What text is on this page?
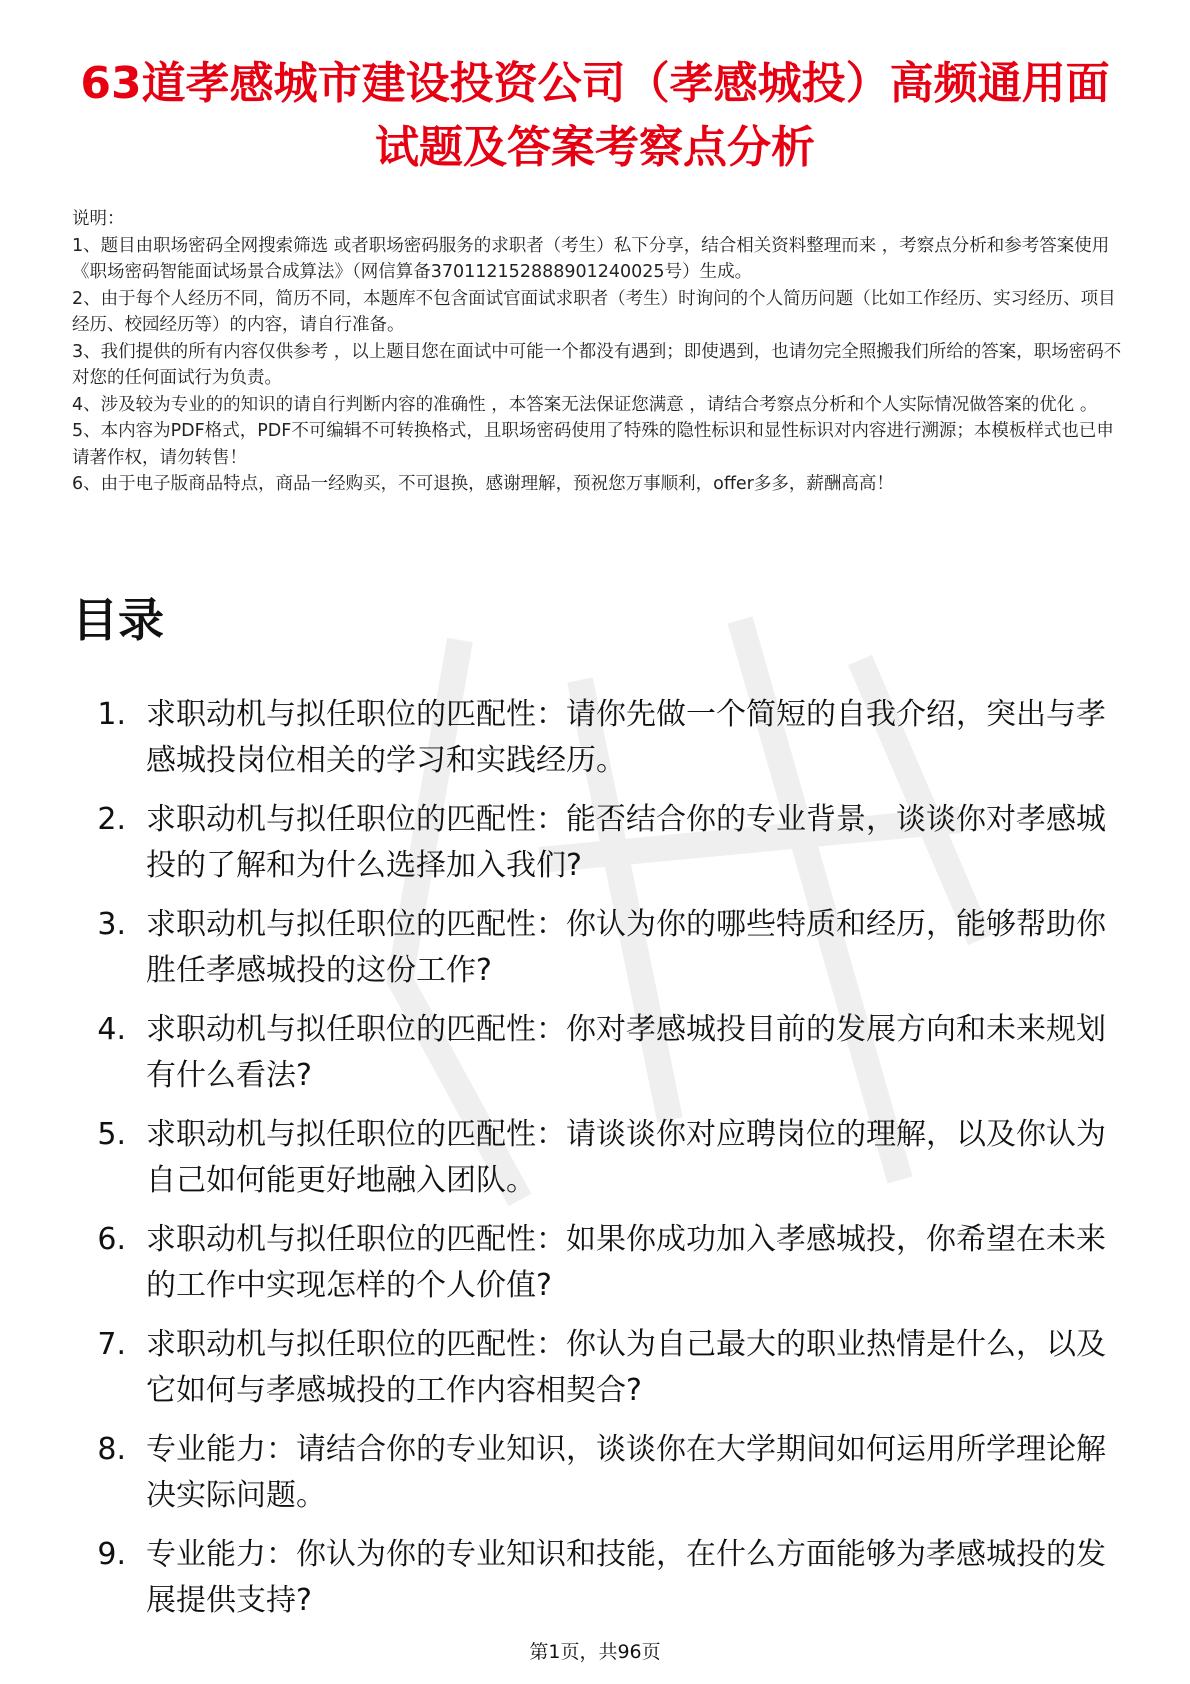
63道孝感城市建设投资公司（孝感城投）高频通用面试题及答案考察点分析

说明：

1、题目由职场密码全网搜索筛选 或者职场密码服务的求职者（考生）私下分享，结合相关资料整理而来 ，考察点分析和参考答案使用《职场密码智能面试场景合成算法》（网信算备370112152888901240025号）生成。

2、由于每个人经历不同，简历不同，本题库不包含面试官面试求职者（考生）时询问的个人简历问题（比如工作经历、实习经历、项目经历、校园经历等）的内容，请自行准备。

3、我们提供的所有内容仅供参考 ，以上题目您在面试中可能一个都没有遇到；即使遇到，也请勿完全照搬我们所给的答案，职场密码不对您的任何面试行为负责。

4、涉及较为专业的的知识的请自行判断内容的准确性 ，本答案无法保证您满意 ，请结合考察点分析和个人实际情况做答案的优化 。

5、本内容为PDF格式，PDF不可编辑不可转换格式，且职场密码使用了特殊的隐性标识和显性标识对内容进行溯源；本模板样式也已申请著作权，请勿转售！

6、由于电子版商品特点，商品一经购买，不可退换，感谢理解，预祝您万事顺利，offer多多，薪酬高高！

目录
1. 求职动机与拟任职位的匹配性：请你先做一个简短的自我介绍，突出与孝感城投岗位相关的学习和实践经历。
2. 求职动机与拟任职位的匹配性：能否结合你的专业背景，谈谈你对孝感城投的了解和为什么选择加入我们?
3. 求职动机与拟任职位的匹配性：你认为你的哪些特质和经历，能够帮助你胜任孝感城投的这份工作?
4. 求职动机与拟任职位的匹配性：你对孝感城投目前的发展方向和未来规划有什么看法?
5. 求职动机与拟任职位的匹配性：请谈谈你对应聘岗位的理解，以及你认为自己如何能更好地融入团队。
6. 求职动机与拟任职位的匹配性：如果你成功加入孝感城投，你希望在未来的工作中实现怎样的个人价值?
7. 求职动机与拟任职位的匹配性：你认为自己最大的职业热情是什么，以及它如何与孝感城投的工作内容相契合?
8. 专业能力：请结合你的专业知识，谈谈你在大学期间如何运用所学理论解决实际问题。
9. 专业能力：你认为你的专业知识和技能，在什么方面能够为孝感城投的发展提供支持?
第1页，共96页
